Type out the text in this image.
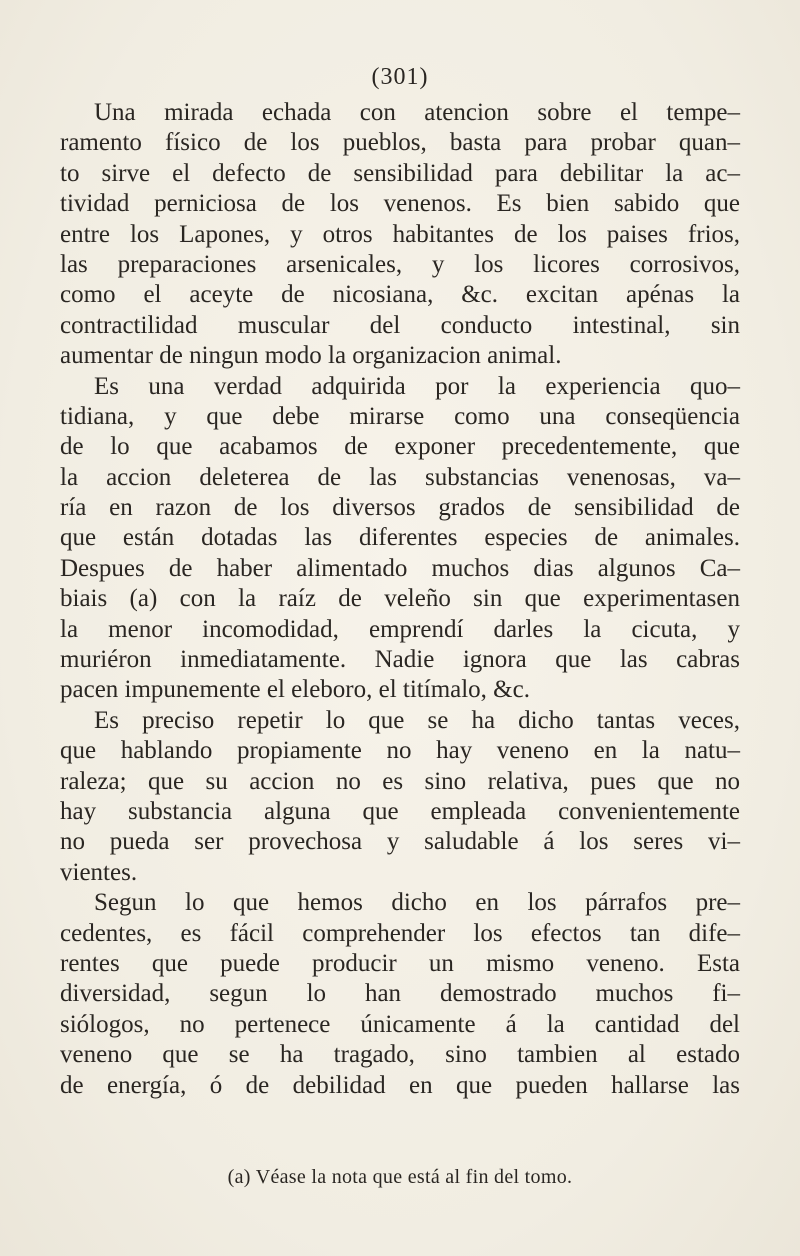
(301)
Una mirada echada con atencion sobre el tempe–
ramento físico de los pueblos, basta para probar quan–
to sirve el defecto de sensibilidad para debilitar la ac–
tividad perniciosa de los venenos. Es bien sabido que
entre los Lapones, y otros habitantes de los paises frios,
las preparaciones arsenicales, y los licores corrosivos,
como el aceyte de nicosiana, &c. excitan apénas la
contractilidad muscular del conducto intestinal, sin
aumentar de ningun modo la organizacion animal.
Es una verdad adquirida por la experiencia quo–
tidiana, y que debe mirarse como una conseqüencia
de lo que acabamos de exponer precedentemente, que
la accion deleterea de las substancias venenosas, va–
ría en razon de los diversos grados de sensibilidad de
que están dotadas las diferentes especies de animales.
Despues de haber alimentado muchos dias algunos Ca–
biais (a) con la raíz de veleño sin que experimentasen
la menor incomodidad, emprendí darles la cicuta, y
muriéron inmediatamente. Nadie ignora que las cabras
pacen impunemente el eleboro, el titímalo, &c.
Es preciso repetir lo que se ha dicho tantas veces,
que hablando propiamente no hay veneno en la natu–
raleza; que su accion no es sino relativa, pues que no
hay substancia alguna que empleada convenientemente
no pueda ser provechosa y saludable á los seres vi–
vientes.
Segun lo que hemos dicho en los párrafos pre–
cedentes, es fácil comprehender los efectos tan dife–
rentes que puede producir un mismo veneno. Esta
diversidad, segun lo han demostrado muchos fi–
siólogos, no pertenece únicamente á la cantidad del
veneno que se ha tragado, sino tambien al estado
de energía, ó de debilidad en que pueden hallarse las
(a) Véase la nota que está al fin del tomo.
